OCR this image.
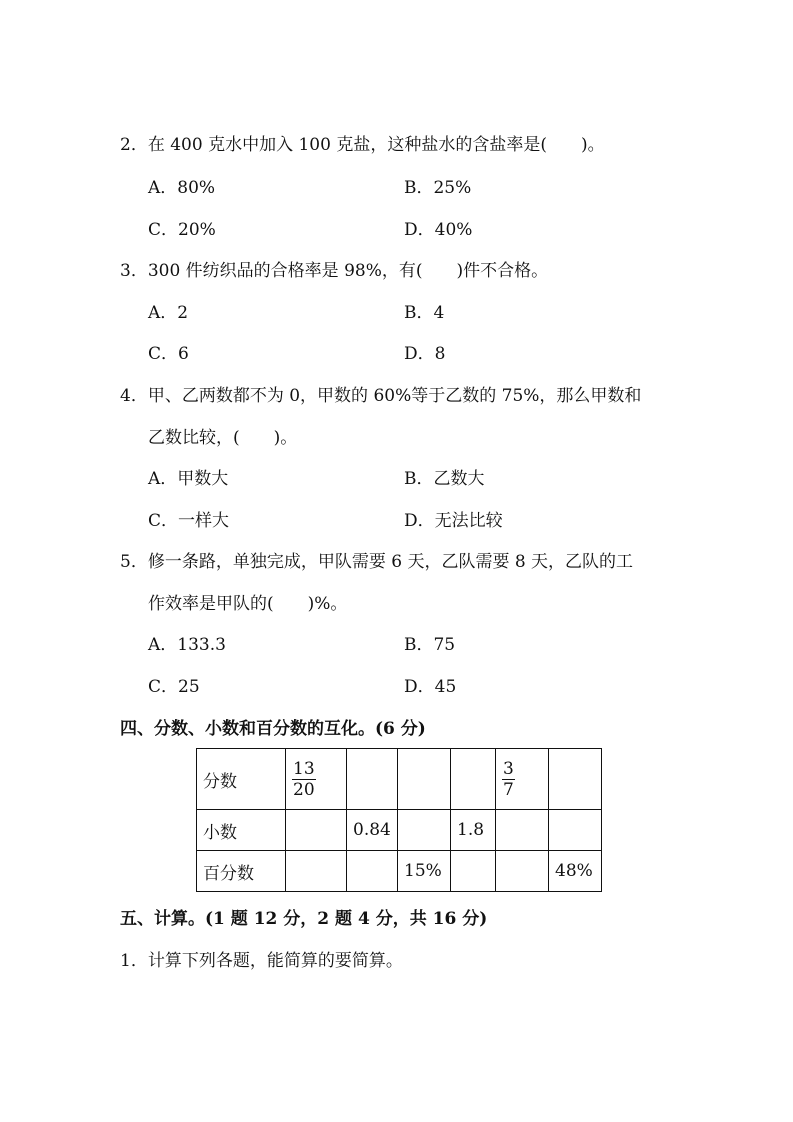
2．在 400 克水中加入 100 克盐，这种盐水的含盐率是(　　)。
A．80%	B．25%
C．20%	D．40%
3．300 件纺织品的合格率是 98%，有(　　)件不合格。
A．2	B．4
C．6	D．8
4．甲、乙两数都不为 0，甲数的 60%等于乙数的 75%，那么甲数和
乙数比较，(　　)。
A．甲数大	B．乙数大
C．一样大	D．无法比较
5．修一条路，单独完成，甲队需要 6 天，乙队需要 8 天，乙队的工
作效率是甲队的(　　)%。
A．133.3	B．75
C．25	D．45
四、分数、小数和百分数的互化。(6 分)
分数	$\frac{13}{20}$				$\frac{3}{7}$

小数		0.84		1.8		
百分数			15%			48%
五、计算。(1 题 12 分，2 题 4 分，共 16 分)
1．计算下列各题，能简算的要简算。
